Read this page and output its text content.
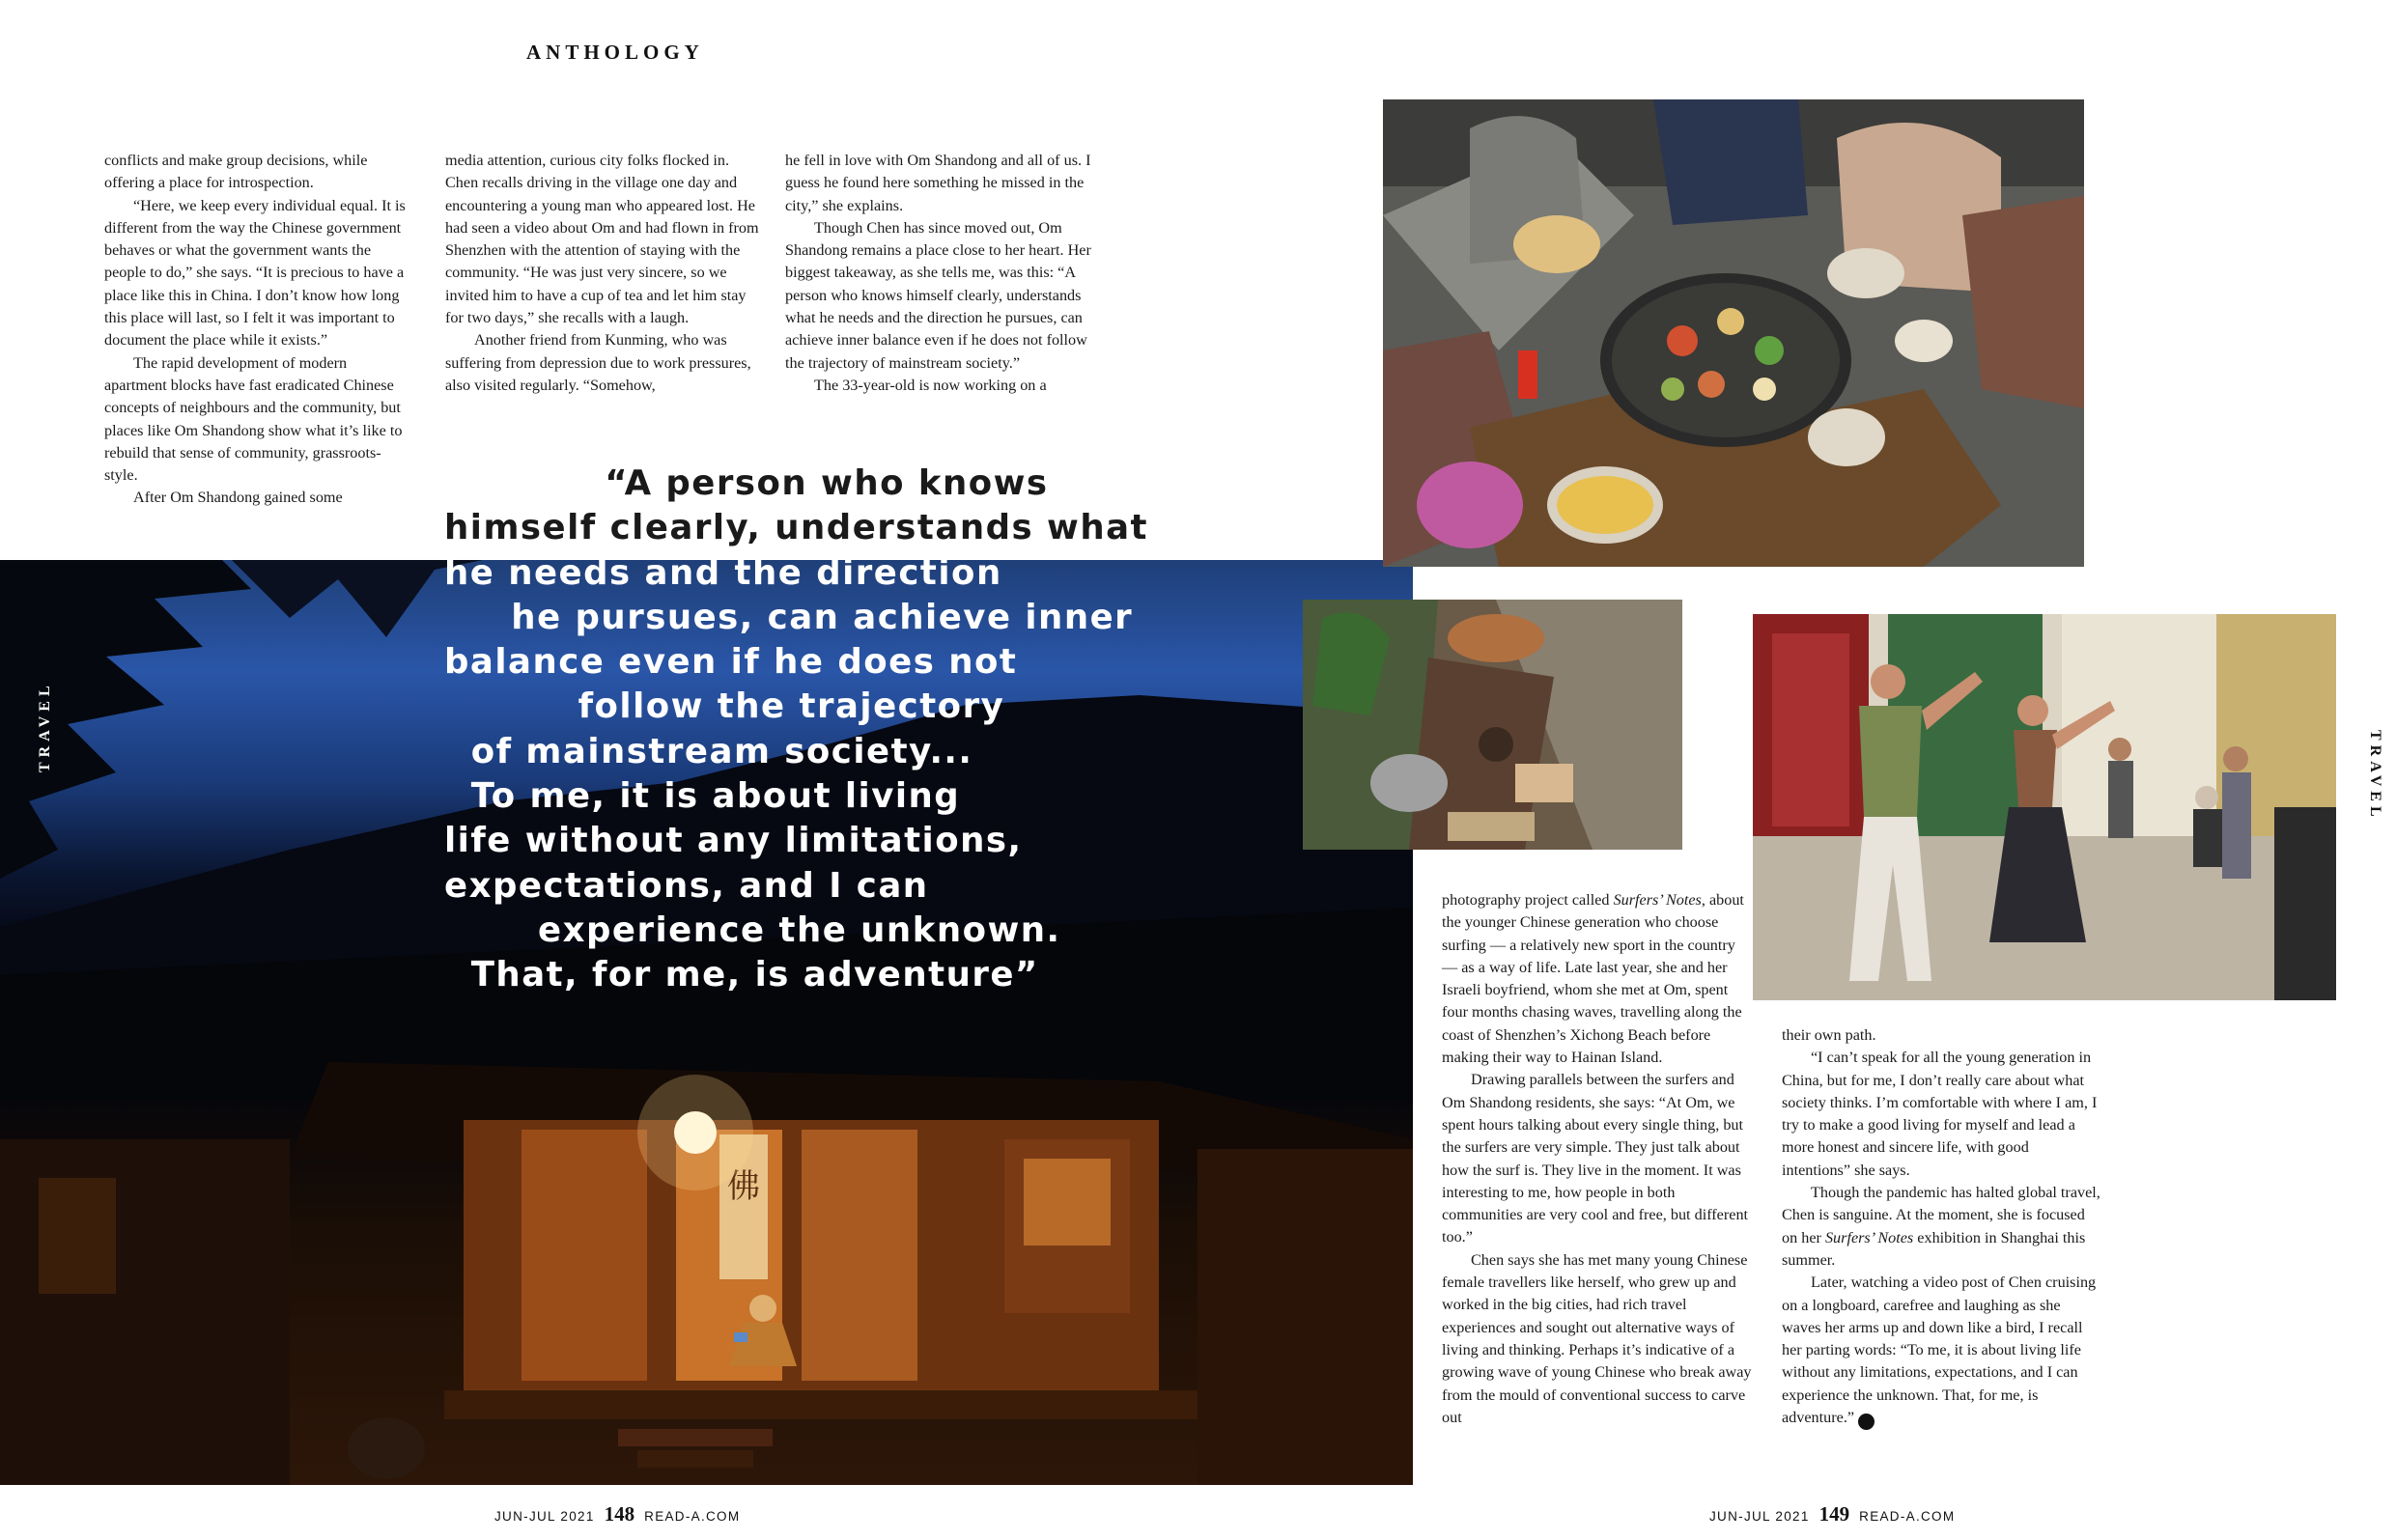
ANTHOLOGY

conflicts and make group decisions, while offering a place for introspection.

“Here, we keep every individual equal. It is different from the way the Chinese government behaves or what the government wants the people to do,” she says. “It is precious to have a place like this in China. I don’t know how long this place will last, so I felt it was important to document the place while it exists.”

The rapid development of modern apartment blocks have fast eradicated Chinese concepts of neighbours and the community, but places like Om Shandong show what it’s like to rebuild that sense of community, grassroots-style.

After Om Shandong gained some

media attention, curious city folks flocked in. Chen recalls driving in the village one day and encountering a young man who appeared lost. He had seen a video about Om and had flown in from Shenzhen with the attention of staying with the community. “He was just very sincere, so we invited him to have a cup of tea and let him stay for two days,” she recalls with a laugh.

Another friend from Kunming, who was suffering from depression due to work pressures, also visited regularly. “Somehow,

he fell in love with Om Shandong and all of us. I guess he found here something he missed in the city,” she explains.

Though Chen has since moved out, Om Shandong remains a place close to her heart. Her biggest takeaway, as she tells me, was this: “A person who knows himself clearly, understands what he needs and the direction he pursues, can achieve inner balance even if he does not follow the trajectory of mainstream society.”

The 33-year-old is now working on a

佛
“A person who knows
himself clearly, understands what
he needs and the direction
he pursues, can achieve inner
balance even if he does not
follow the trajectory
of mainstream society...
To me, it is about living
life without any limitations,
expectations, and I can
experience the unknown.
That, for me, is adventure”

photography project called Surfers’ Notes, about the younger Chinese generation who choose surfing — a relatively new sport in the country — as a way of life. Late last year, she and her Israeli boyfriend, whom she met at Om, spent four months chasing waves, travelling along the coast of Shenzhen’s Xichong Beach before making their way to Hainan Island.

Drawing parallels between the surfers and Om Shandong residents, she says: “At Om, we spent hours talking about every single thing, but the surfers are very simple. They just talk about how the surf is. They live in the moment. It was interesting to me, how people in both communities are very cool and free, but different too.”

Chen says she has met many young Chinese female travellers like herself, who grew up and worked in the big cities, had rich travel experiences and sought out alternative ways of living and thinking. Perhaps it’s indicative of a growing wave of young Chinese who break away from the mould of conventional success to carve out

their own path.

“I can’t speak for all the young generation in China, but for me, I don’t really care about what society thinks. I’m comfortable with where I am, I try to make a good living for myself and lead a more honest and sincere life, with good intentions” she says.

Though the pandemic has halted global travel, Chen is sanguine. At the moment, she is focused on her Surfers’ Notes exhibition in Shanghai this summer.

Later, watching a video post of Chen cruising on a longboard, carefree and laughing as she waves her arms up and down like a bird, I recall her parting words: “To me, it is about living life without any limitations, expectations, and I can experience the unknown. That, for me, is adventure.”	A

TRAVEL
TRAVEL
JUN-JUL 2021 148 READ-A.COM	JUN-JUL 2021 149 READ-A.COM
